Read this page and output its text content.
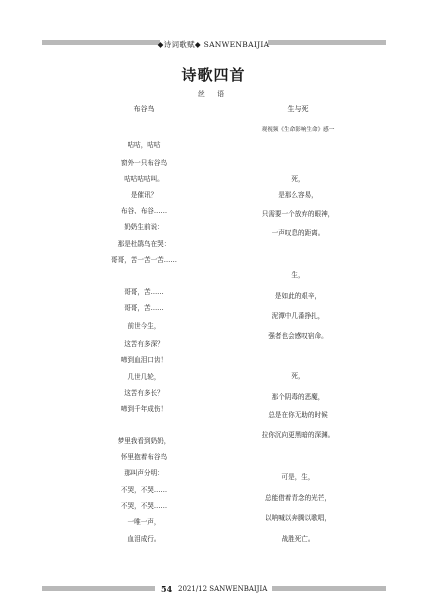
◆诗词歌赋◆ SANWENBAIJIA
诗歌四首
丝 语
布谷鸟
咕咕，咕咕
窗外一只布谷鸟
咕咕咕咕叫。
是催讯？
布谷、布谷……
奶奶生前说：
那是杜鹃鸟在哭：
哥哥，苦一苦一苦……
哥哥，苦……
哥哥，苦……
前世今生，
这苦有多深？
啼到血泪口齿！
几世几轮，
这苦有多长？
啼到千年成伤！
梦里我看到奶奶，
怀里抱着布谷鸟
那叫声分明：
不哭，不哭……
不哭，不哭……
一唯一声，
血泪成行。
生与死
观视频《生命影响生命》感一
死，
是那么容易，
只需要一个放弃的眼神，
一声叹息的距离。
生，
是如此的艰辛，
泥潭中几番挣扎，
强者也会感叹宿命。
死，
那个阴毒的恶魔，
总是在你无助的时候
拉你沉向更黑暗的深渊。
可是，生，
总能借着青念的光芒，
以呐喊以奔腾以歌唱，
战胜死亡。
54 2021/12 SANWENBAIJIA
